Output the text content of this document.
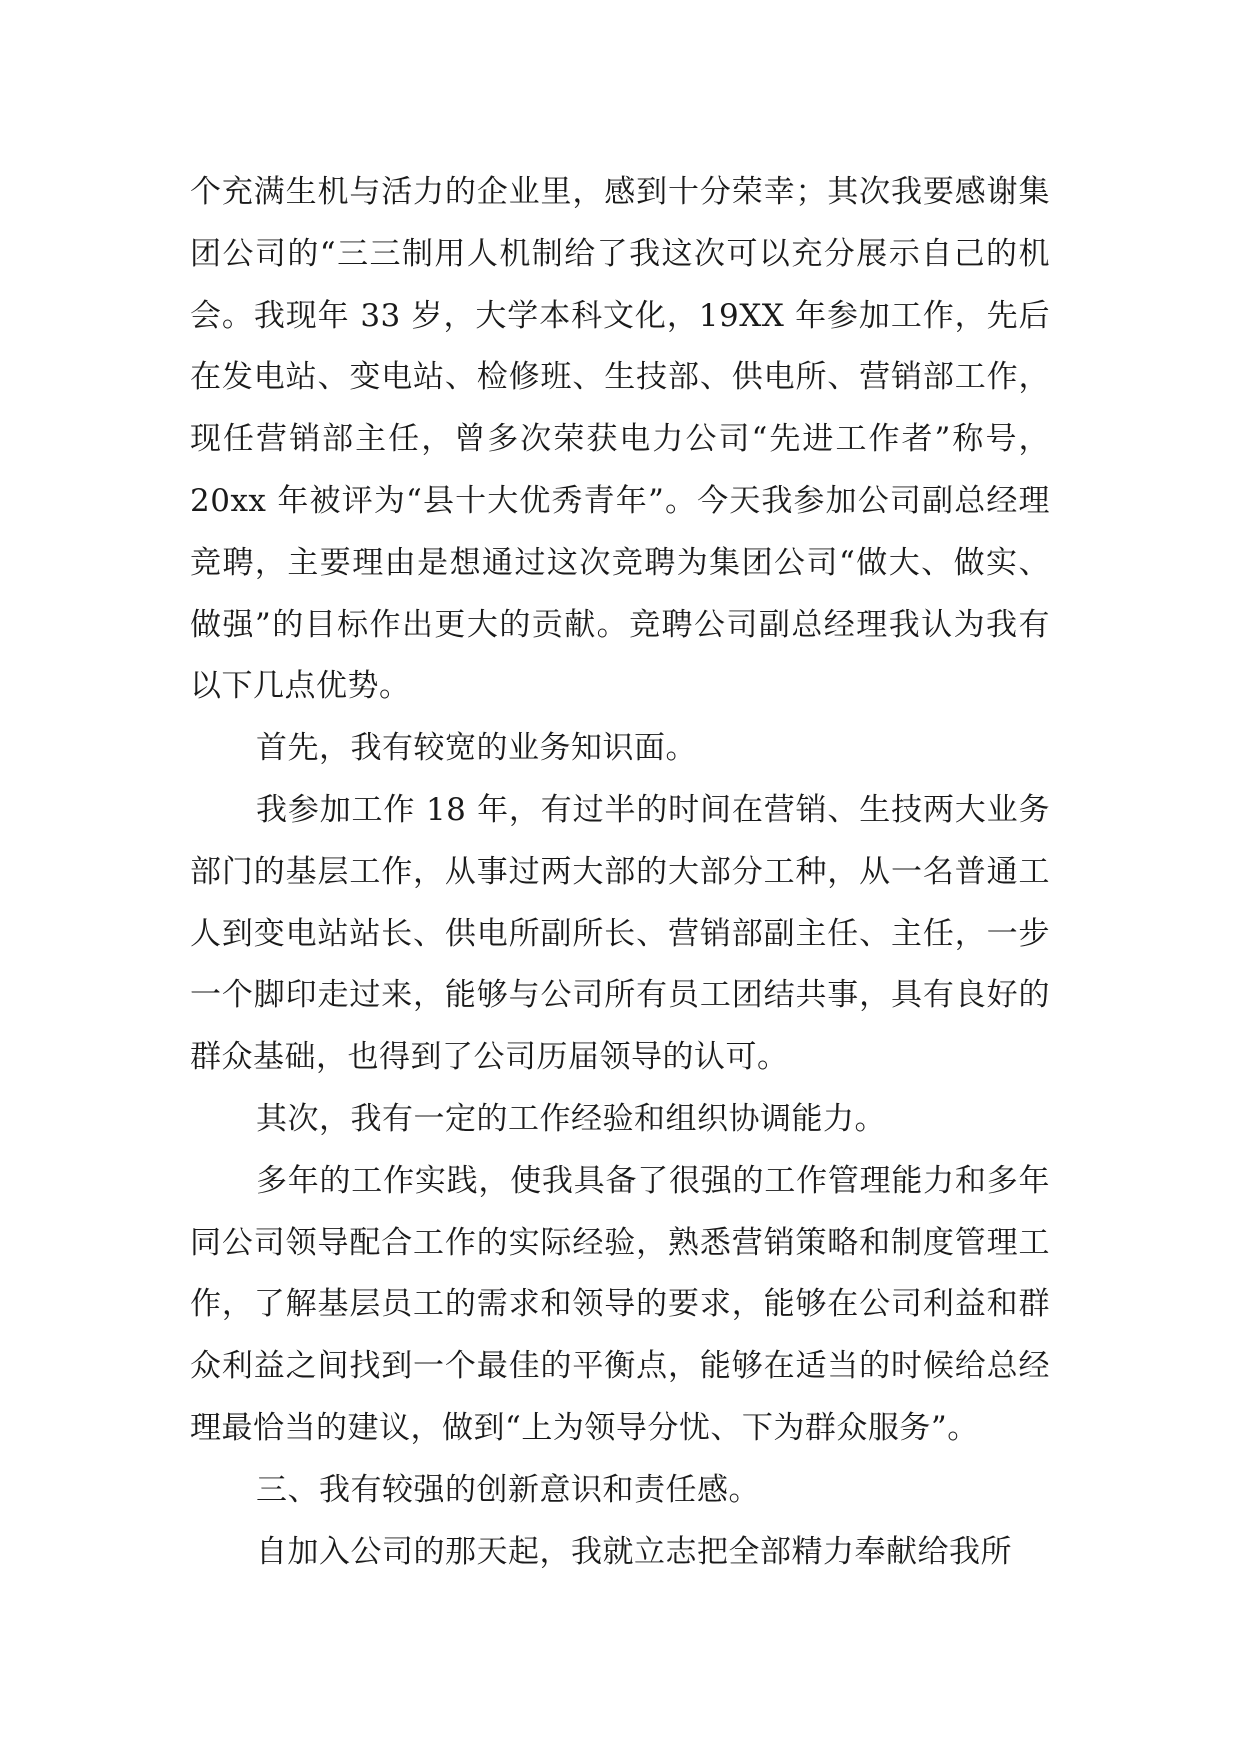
个充满生机与活力的企业里，感到十分荣幸；其次我要感谢集团公司的“三三制用人机制给了我这次可以充分展示自己的机会。我现年 33 岁，大学本科文化，19XX 年参加工作，先后在发电站、变电站、检修班、生技部、供电所、营销部工作，现任营销部主任，曾多次荣获电力公司“先进工作者”称号，20xx 年被评为“县十大优秀青年”。今天我参加公司副总经理竞聘，主要理由是想通过这次竞聘为集团公司“做大、做实、做强”的目标作出更大的贡献。竞聘公司副总经理我认为我有以下几点优势。

首先，我有较宽的业务知识面。

我参加工作 18 年，有过半的时间在营销、生技两大业务部门的基层工作，从事过两大部的大部分工种，从一名普通工人到变电站站长、供电所副所长、营销部副主任、主任，一步一个脚印走过来，能够与公司所有员工团结共事，具有良好的群众基础，也得到了公司历届领导的认可。

其次，我有一定的工作经验和组织协调能力。

多年的工作实践，使我具备了很强的工作管理能力和多年同公司领导配合工作的实际经验，熟悉营销策略和制度管理工作，了解基层员工的需求和领导的要求，能够在公司利益和群众利益之间找到一个最佳的平衡点，能够在适当的时候给总经理最恰当的建议，做到“上为领导分忧、下为群众服务”。

三、我有较强的创新意识和责任感。

自加入公司的那天起，我就立志把全部精力奉献给我所
